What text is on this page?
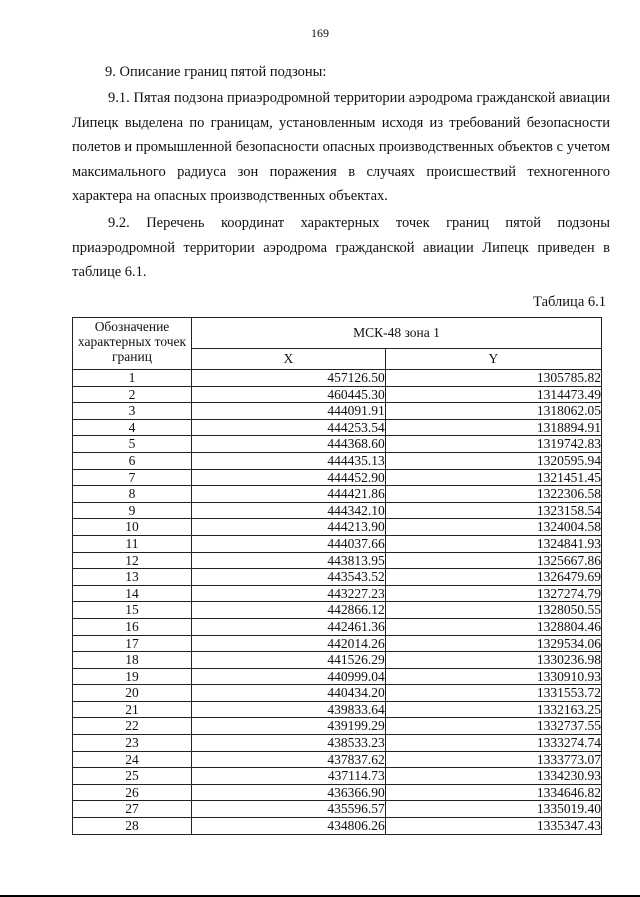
169
9. Описание границ пятой подзоны:

9.1. Пятая подзона приаэродромной территории аэродрома гражданской авиации Липецк выделена по границам, установленным исходя из требований безопасности полетов и промышленной безопасности опасных производственных объектов с учетом максимального радиуса зон поражения в случаях происшествий техногенного характера на опасных производственных объектах.

9.2. Перечень координат характерных точек границ пятой подзоны приаэродромной территории аэродрома гражданской авиации Липецк приведен в таблице 6.1.

Таблица 6.1
Обозначение характерных точек границ	МСК-48 зона 1	
	X	Y
1	457126.50	1305785.82
2	460445.30	1314473.49
3	444091.91	1318062.05
4	444253.54	1318894.91
5	444368.60	1319742.83
6	444435.13	1320595.94
7	444452.90	1321451.45
8	444421.86	1322306.58
9	444342.10	1323158.54
10	444213.90	1324004.58
11	444037.66	1324841.93
12	443813.95	1325667.86
13	443543.52	1326479.69
14	443227.23	1327274.79
15	442866.12	1328050.55
16	442461.36	1328804.46
17	442014.26	1329534.06
18	441526.29	1330236.98
19	440999.04	1330910.93
20	440434.20	1331553.72
21	439833.64	1332163.25
22	439199.29	1332737.55
23	438533.23	1333274.74
24	437837.62	1333773.07
25	437114.73	1334230.93
26	436366.90	1334646.82
27	435596.57	1335019.40
28	434806.26	1335347.43
